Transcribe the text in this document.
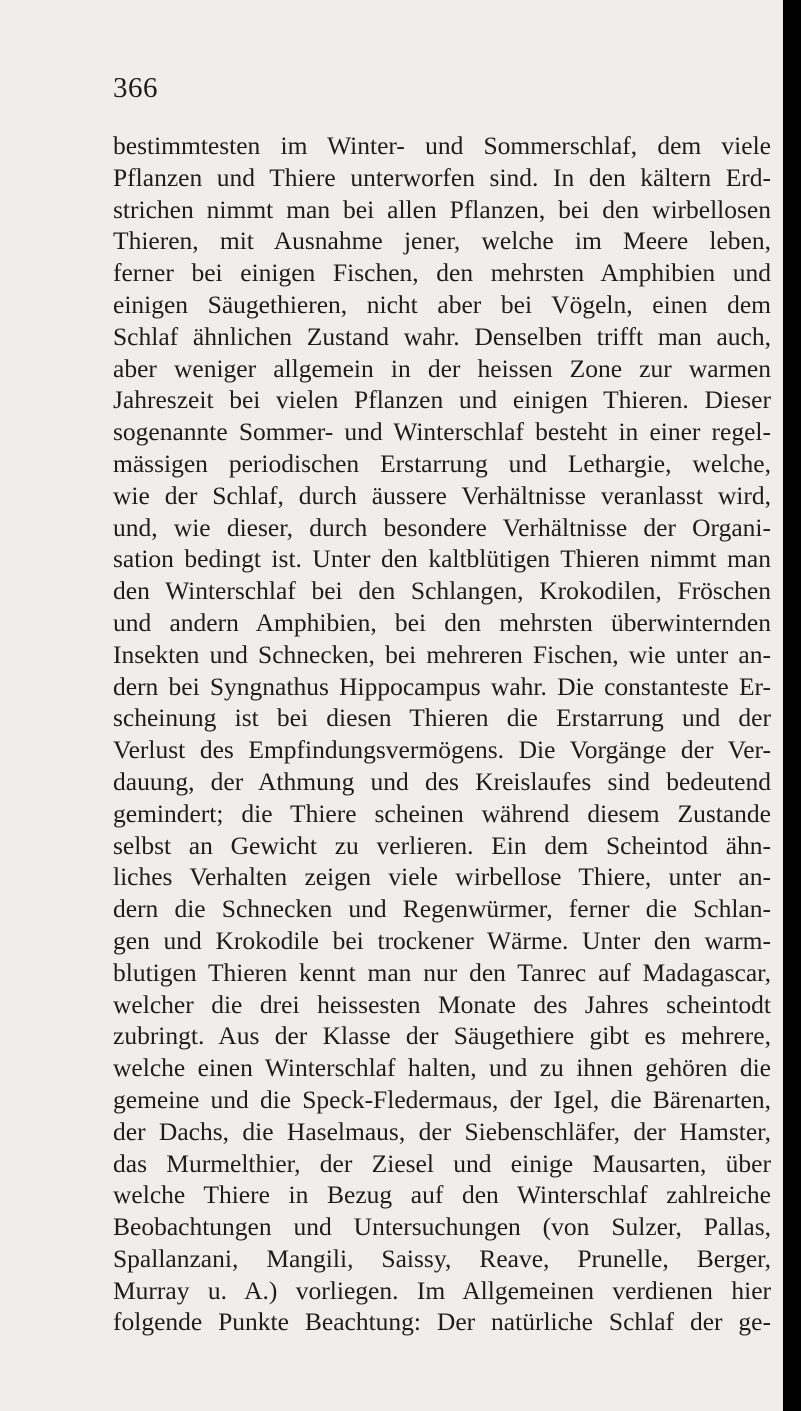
366
bestimmtesten im Winter- und Sommerschlaf, dem viele
Pflanzen und Thiere unterworfen sind. In den kältern Erd-
strichen nimmt man bei allen Pflanzen, bei den wirbellosen
Thieren, mit Ausnahme jener, welche im Meere leben,
ferner bei einigen Fischen, den mehrsten Amphibien und
einigen Säugethieren, nicht aber bei Vögeln, einen dem
Schlaf ähnlichen Zustand wahr. Denselben trifft man auch,
aber weniger allgemein in der heissen Zone zur warmen
Jahreszeit bei vielen Pflanzen und einigen Thieren. Dieser
sogenannte Sommer- und Winterschlaf besteht in einer regel-
mässigen periodischen Erstarrung und Lethargie, welche,
wie der Schlaf, durch äussere Verhältnisse veranlasst wird,
und, wie dieser, durch besondere Verhältnisse der Organi-
sation bedingt ist. Unter den kaltblütigen Thieren nimmt man
den Winterschlaf bei den Schlangen, Krokodilen, Fröschen
und andern Amphibien, bei den mehrsten überwinternden
Insekten und Schnecken, bei mehreren Fischen, wie unter an-
dern bei Syngnathus Hippocampus wahr. Die constanteste Er-
scheinung ist bei diesen Thieren die Erstarrung und der
Verlust des Empfindungsvermögens. Die Vorgänge der Ver-
dauung, der Athmung und des Kreislaufes sind bedeutend
gemindert; die Thiere scheinen während diesem Zustande
selbst an Gewicht zu verlieren. Ein dem Scheintod ähn-
liches Verhalten zeigen viele wirbellose Thiere, unter an-
dern die Schnecken und Regenwürmer, ferner die Schlan-
gen und Krokodile bei trockener Wärme. Unter den warm-
blutigen Thieren kennt man nur den Tanrec auf Madagascar,
welcher die drei heissesten Monate des Jahres scheintodt
zubringt. Aus der Klasse der Säugethiere gibt es mehrere,
welche einen Winterschlaf halten, und zu ihnen gehören die
gemeine und die Speck-Fledermaus, der Igel, die Bärenarten,
der Dachs, die Haselmaus, der Siebenschläfer, der Hamster,
das Murmelthier, der Ziesel und einige Mausarten, über
welche Thiere in Bezug auf den Winterschlaf zahlreiche
Beobachtungen und Untersuchungen (von Sulzer, Pallas,
Spallanzani, Mangili, Saissy, Reave, Prunelle, Berger,
Murray u. A.) vorliegen. Im Allgemeinen verdienen hier
folgende Punkte Beachtung: Der natürliche Schlaf der ge-
